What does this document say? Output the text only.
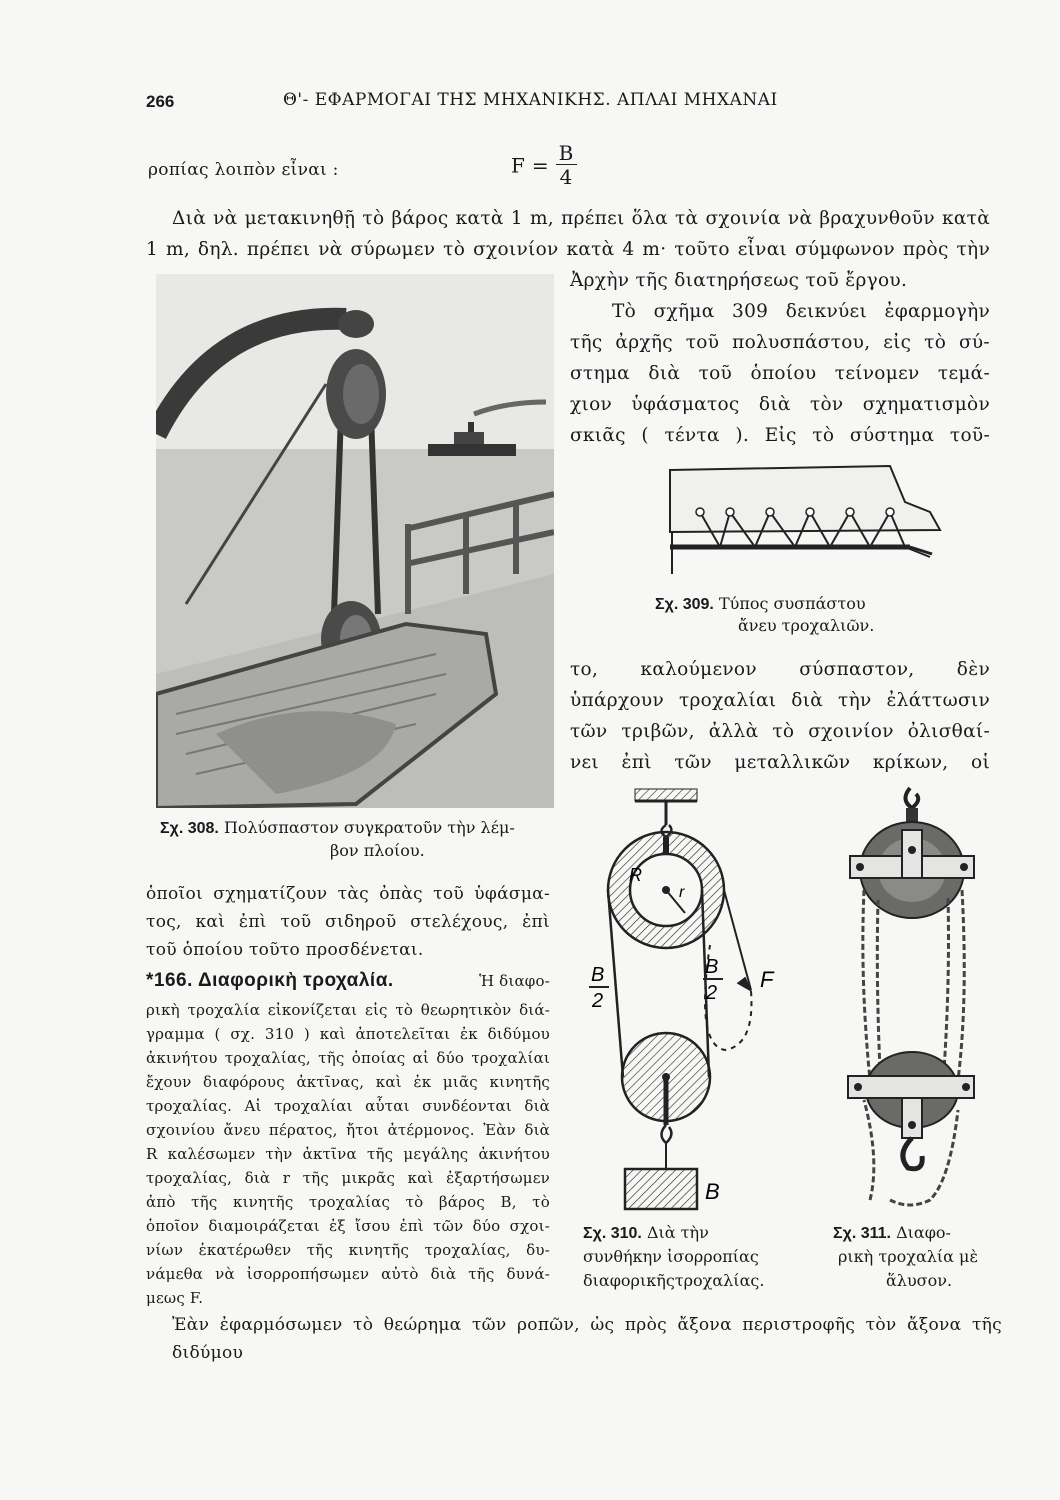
266	Θ'- ΕΦΑΡΜΟΓΑΙ ΤΗΣ ΜΗΧΑΝΙΚΗΣ. ΑΠΛΑΙ ΜΗΧΑΝΑΙ
ροπίας λοιπὸν εἶναι :	$F = \frac{B}{4}$
Διὰ νὰ μετακινηθῇ τὸ βάρος κατὰ 1 m, πρέπει ὅλα τὰ σχοινία νὰ βραχυνθοῦν κατὰ
1 m, δηλ. πρέπει νὰ σύρωμεν τὸ σχοινίον κατὰ 4 m· τοῦτο εἶναι σύμφωνον πρὸς τὴν
Ἀρχὴν τῆς διατηρήσεως τοῦ ἔργου.
Τὸ σχῆμα 309 δεικνύει ἐφαρμογὴν
τῆς ἀρχῆς τοῦ πολυσπάστου, εἰς τὸ σύ-
στημα διὰ τοῦ ὁποίου τείνομεν τεμά-
χιον ὑφάσματος διὰ τὸν σχηματισμὸν
σκιᾶς ( τέντα ). Εἰς τὸ σύστημα τοῦ-
Σχ. 308. Πολύσπαστον συγκρατοῦν τὴν λέμ-
βον πλοίου.
Σχ. 309. Τύπος συσπάστου
ἄνευ τροχαλιῶν.
το, καλούμενον σύσπαστον, δὲν
ὑπάρχουν τροχαλίαι διὰ τὴν ἐλάττωσιν
τῶν τριβῶν, ἀλλὰ τὸ σχοινίον ὀλισθαί-
νει ἐπὶ τῶν μεταλλικῶν κρίκων, οἱ
ὁποῖοι σχηματίζουν τὰς ὀπὰς τοῦ ὑφάσμα-
τος, καὶ ἐπὶ τοῦ σιδηροῦ στελέχους, ἐπὶ
τοῦ ὁποίου τοῦτο προσδένεται.
*166. Διαφορικὴ τροχαλία.	Ἡ διαφο-
ρικὴ τροχαλία εἰκονίζεται εἰς τὸ θεωρητικὸν διά-
γραμμα ( σχ. 310 ) καὶ ἀποτελεῖται ἐκ διδύμου
ἀκινήτου τροχαλίας, τῆς ὁποίας αἱ δύο τροχαλίαι
ἔχουν διαφόρους ἀκτῖνας, καὶ ἐκ μιᾶς κινητῆς
τροχαλίας. Αἱ τροχαλίαι αὗται συνδέονται διὰ
σχοινίου ἄνευ πέρατος, ἤτοι ἀτέρμονος. Ἐὰν διὰ
R καλέσωμεν τὴν ἀκτῖνα τῆς μεγάλης ἀκινήτου
τροχαλίας, διὰ r τῆς μικρᾶς καὶ ἐξαρτήσωμεν
ἀπὸ τῆς κινητῆς τροχαλίας τὸ βάρος B, τὸ
ὁποῖον διαμοιράζεται ἐξ ἴσου ἐπὶ τῶν δύο σχοι-
νίων ἑκατέρωθεν τῆς κινητῆς τροχαλίας, δυ-
νάμεθα νὰ ἰσορροπήσωμεν αὐτὸ διὰ τῆς δυνά-
μεως F.
R
r
B
2
B
2
F
B
Σχ. 310. Διὰ τὴν
συνθήκην ἰσορροπίας
διαφορικῆςτροχαλίας.
Σχ. 311. Διαφο-
ρικὴ τροχαλία μὲ
ἅλυσον.
Ἐὰν ἐφαρμόσωμεν τὸ θεώρημα τῶν ροπῶν, ὡς πρὸς ἄξονα περιστροφῆς τὸν ἄξονα τῆς διδύμου
